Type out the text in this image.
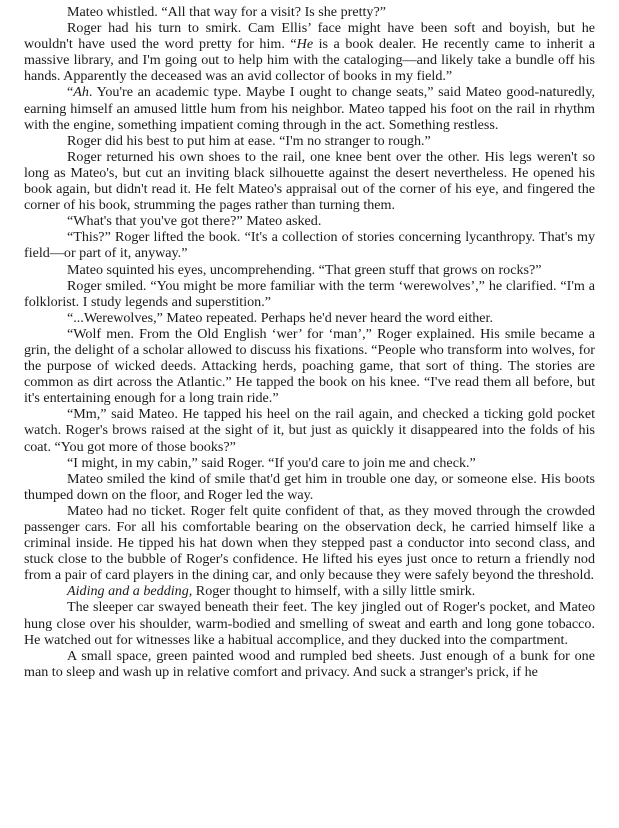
Mateo whistled. “All that way for a visit? Is she pretty?”

Roger had his turn to smirk. Cam Ellis’ face might have been soft and boyish, but he wouldn't have used the word pretty for him. “He is a book dealer. He recently came to inherit a massive library, and I'm going out to help him with the cataloging—and likely take a bundle off his hands. Apparently the deceased was an avid collector of books in my field.”

“Ah. You're an academic type. Maybe I ought to change seats,” said Mateo good-naturedly, earning himself an amused little hum from his neighbor. Mateo tapped his foot on the rail in rhythm with the engine, something impatient coming through in the act. Something restless.

Roger did his best to put him at ease. “I'm no stranger to rough.”

Roger returned his own shoes to the rail, one knee bent over the other. His legs weren't so long as Mateo's, but cut an inviting black silhouette against the desert nevertheless. He opened his book again, but didn't read it. He felt Mateo's appraisal out of the corner of his eye, and fingered the corner of his book, strumming the pages rather than turning them.

“What's that you've got there?” Mateo asked.

“This?” Roger lifted the book. “It's a collection of stories concerning lycanthropy. That's my field—or part of it, anyway.”

Mateo squinted his eyes, uncomprehending. “That green stuff that grows on rocks?”

Roger smiled. “You might be more familiar with the term ‘werewolves’,” he clarified. “I'm a folklorist. I study legends and superstition.”

“...Werewolves,” Mateo repeated. Perhaps he'd never heard the word either.

“Wolf men. From the Old English ‘wer’ for ‘man’,” Roger explained. His smile became a grin, the delight of a scholar allowed to discuss his fixations. “People who transform into wolves, for the purpose of wicked deeds. Attacking herds, poaching game, that sort of thing. The stories are common as dirt across the Atlantic.” He tapped the book on his knee. “I've read them all before, but it's entertaining enough for a long train ride.”

“Mm,” said Mateo. He tapped his heel on the rail again, and checked a ticking gold pocket watch. Roger's brows raised at the sight of it, but just as quickly it disappeared into the folds of his coat. “You got more of those books?”

“I might, in my cabin,” said Roger. “If you'd care to join me and check.”

Mateo smiled the kind of smile that'd get him in trouble one day, or someone else. His boots thumped down on the floor, and Roger led the way.

Mateo had no ticket. Roger felt quite confident of that, as they moved through the crowded passenger cars. For all his comfortable bearing on the observation deck, he carried himself like a criminal inside. He tipped his hat down when they stepped past a conductor into second class, and stuck close to the bubble of Roger's confidence. He lifted his eyes just once to return a friendly nod from a pair of card players in the dining car, and only because they were safely beyond the threshold.

Aiding and a bedding, Roger thought to himself, with a silly little smirk.

The sleeper car swayed beneath their feet. The key jingled out of Roger's pocket, and Mateo hung close over his shoulder, warm-bodied and smelling of sweat and earth and long gone tobacco. He watched out for witnesses like a habitual accomplice, and they ducked into the compartment.

A small space, green painted wood and rumpled bed sheets. Just enough of a bunk for one man to sleep and wash up in relative comfort and privacy. And suck a stranger's prick, if he
